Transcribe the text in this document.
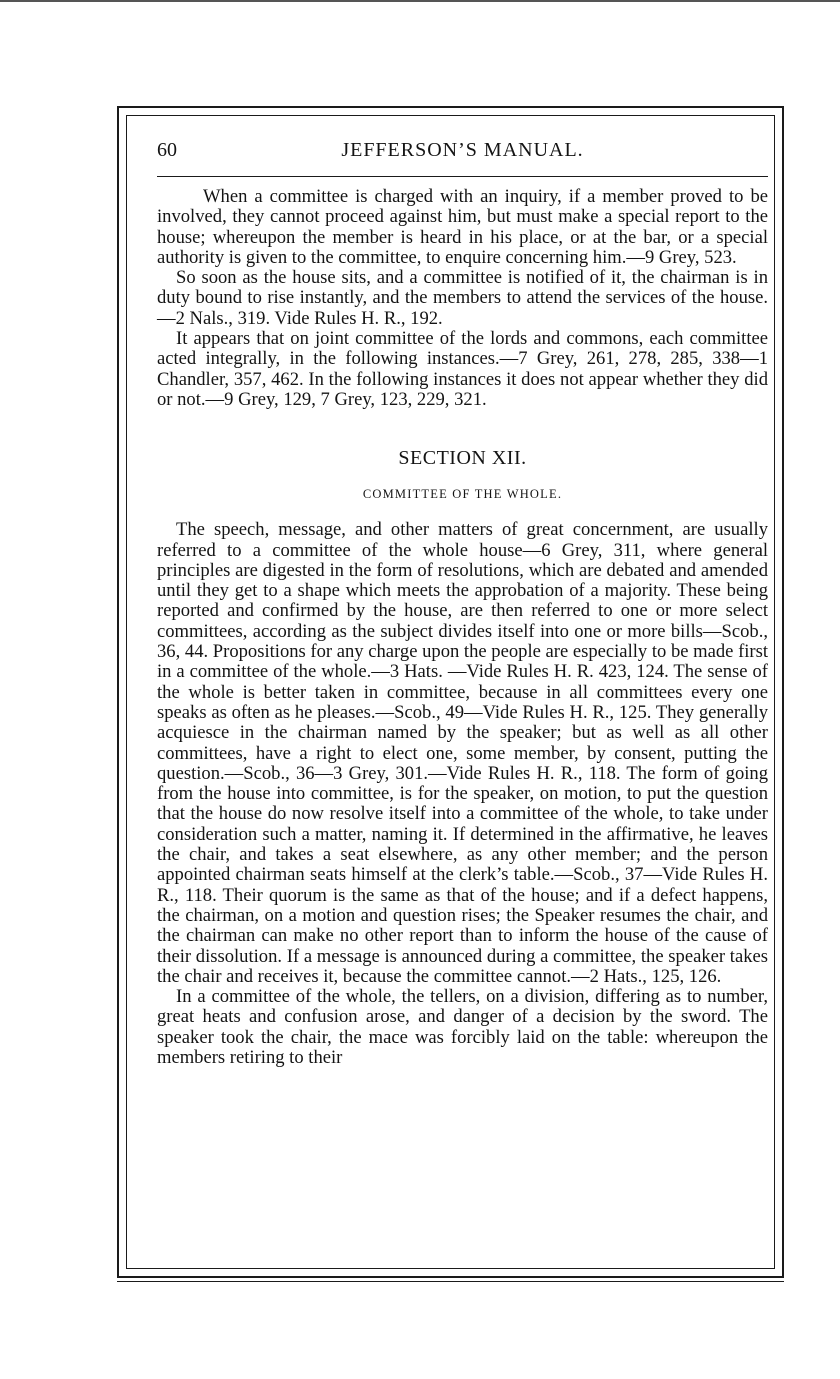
60	JEFFERSON’S MANUAL.

When a committee is charged with an inquiry, if a member proved to be involved, they cannot proceed against him, but must make a special report to the house; whereupon the member is heard in his place, or at the bar, or a special authority is given to the committee, to enquire concerning him.—9 Grey, 523.

So soon as the house sits, and a committee is notified of it, the chairman is in duty bound to rise instantly, and the members to attend the services of the house.—2 Nals., 319. Vide Rules H. R., 192.

It appears that on joint committee of the lords and commons, each committee acted integrally, in the following instances.—7 Grey, 261, 278, 285, 338—1 Chandler, 357, 462. In the following instances it does not appear whether they did or not.—9 Grey, 129, 7 Grey, 123, 229, 321.

SECTION XII.
COMMITTEE OF THE WHOLE.

The speech, message, and other matters of great concernment, are usually referred to a committee of the whole house—6 Grey, 311, where general principles are digested in the form of resolutions, which are debated and amended until they get to a shape which meets the approbation of a majority. These being reported and confirmed by the house, are then referred to one or more select committees, according as the subject divides itself into one or more bills—Scob., 36, 44. Propositions for any charge upon the people are especially to be made first in a committee of the whole.—3 Hats. —Vide Rules H. R. 423, 124. The sense of the whole is better taken in committee, because in all committees every one speaks as often as he pleases.—Scob., 49—Vide Rules H. R., 125. They generally acquiesce in the chairman named by the speaker; but as well as all other committees, have a right to elect one, some member, by consent, putting the question.—Scob., 36—3 Grey, 301.—Vide Rules H. R., 118. The form of going from the house into committee, is for the speaker, on motion, to put the question that the house do now resolve itself into a committee of the whole, to take under consideration such a matter, naming it. If determined in the affirmative, he leaves the chair, and takes a seat elsewhere, as any other member; and the person appointed chairman seats himself at the clerk’s table.—Scob., 37—Vide Rules H. R., 118. Their quorum is the same as that of the house; and if a defect happens, the chairman, on a motion and question rises; the Speaker resumes the chair, and the chairman can make no other report than to inform the house of the cause of their dissolution. If a message is announced during a committee, the speaker takes the chair and receives it, because the committee cannot.—2 Hats., 125, 126.

In a committee of the whole, the tellers, on a division, differing as to number, great heats and confusion arose, and danger of a decision by the sword. The speaker took the chair, the mace was forcibly laid on the table: whereupon the members retiring to their
